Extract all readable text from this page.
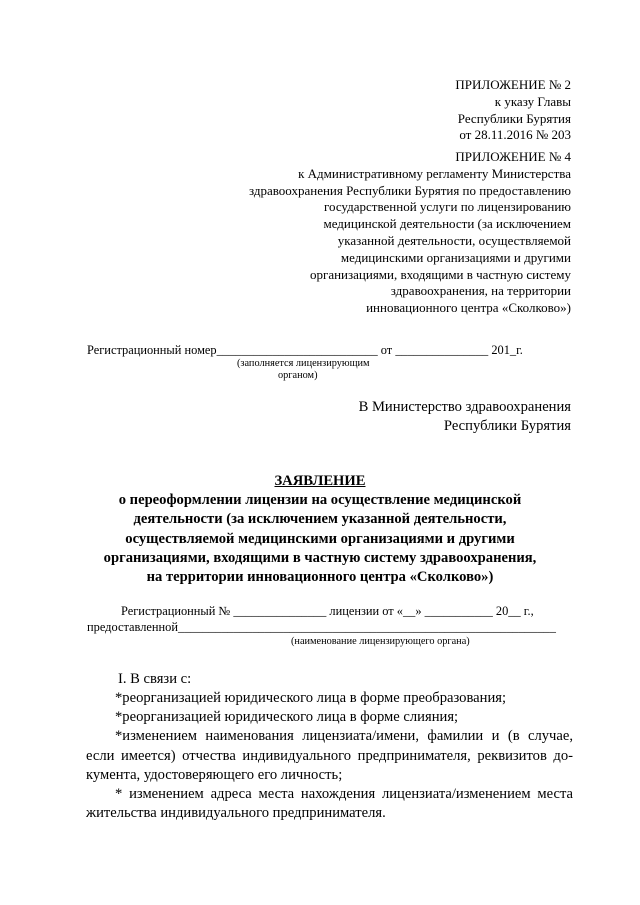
ПРИЛОЖЕНИЕ № 2
к указу Главы
Республики Бурятия
от 28.11.2016 № 203
ПРИЛОЖЕНИЕ № 4
к Административному регламенту Министерства
здравоохранения Республики Бурятия по предоставлению
государственной услуги по лицензированию
медицинской деятельности (за исключением
указанной деятельности, осуществляемой
медицинскими организациями и другими
организациями, входящими в частную систему
здравоохранения, на территории
инновационного центра «Сколково»)
Регистрационный номер__________________________ от _______________ 201_г.
(заполняется лицензирующим
органом)
В Министерство здравоохранения
Республики Бурятия
ЗАЯВЛЕНИЕ
о переоформлении лицензии на осуществление медицинской
деятельности (за исключением указанной деятельности,
осуществляемой медицинскими организациями и другими
организациями, входящими в частную систему здравоохранения,
на территории инновационного центра «Сколково»)
Регистрационный № _______________ лицензии от «__» ___________ 20__ г.,
предоставленной_____________________________________________________________
(наименование лицензирующего органа)
I. В связи с:
*реорганизацией юридического лица в форме преобразования;
*реорганизацией юридического лица в форме слияния;
*изменением наименования лицензиата/имени, фамилии и (в случае,
если имеется) отчества индивидуального предпринимателя, реквизитов до-
кумента, удостоверяющего его личность;
* изменением адреса места нахождения лицензиата/изменением места
жительства индивидуального предпринимателя.
